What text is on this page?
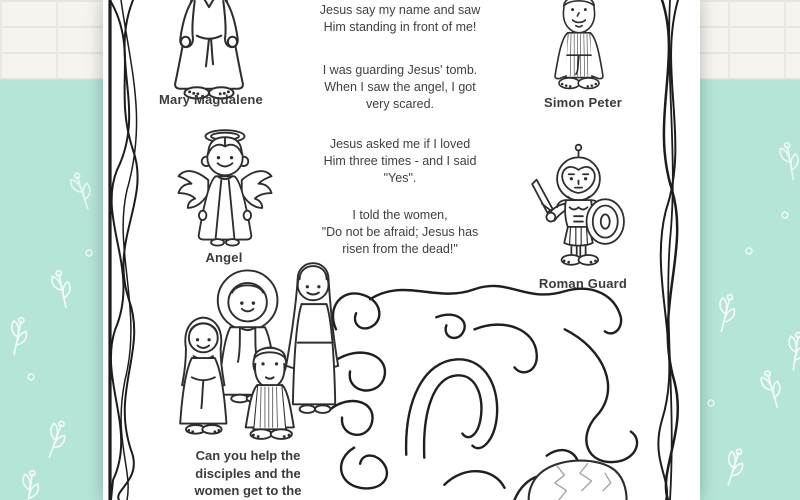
Mary Magdalene	Simon Peter
Angel
Roman Guard
Jesus say my name and saw
Him standing in front of me!
I was guarding Jesus' tomb.
When I saw the angel, I got
very scared.
Jesus asked me if I loved
Him three times - and I said
"Yes".
I told the women,
"Do not be afraid; Jesus has
risen from the dead!"
Can you help the
disciples and the
women get to the
